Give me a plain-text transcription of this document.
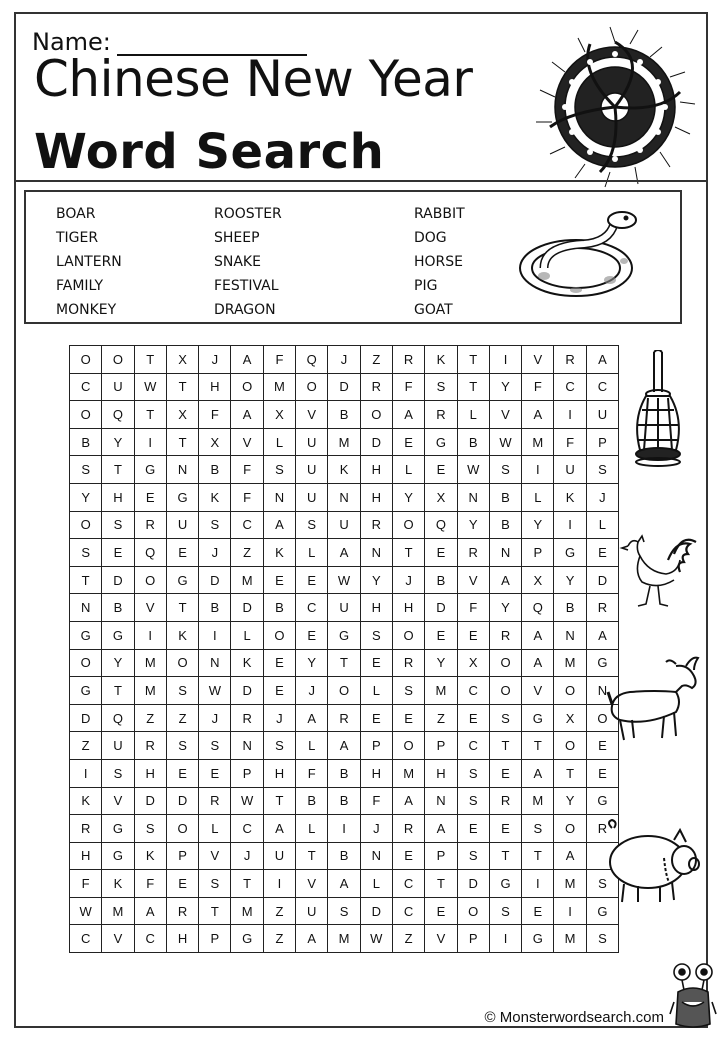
Name:
Chinese New Year
Word Search
BOAR
TIGER
LANTERN
FAMILY
MONKEY
ROOSTER
SHEEP
SNAKE
FESTIVAL
DRAGON
RABBIT
DOG
HORSE
PIG
GOAT
O	O	T	X	J	A	F	Q	J	Z	R	K	T	I	V	R	A
C	U	W	T	H	O	M	O	D	R	F	S	T	Y	F	C	C
O	Q	T	X	F	A	X	V	B	O	A	R	L	V	A	I	U
B	Y	I	T	X	V	L	U	M	D	E	G	B	W	M	F	P
S	T	G	N	B	F	S	U	K	H	L	E	W	S	I	U	S
Y	H	E	G	K	F	N	U	N	H	Y	X	N	B	L	K	J
O	S	R	U	S	C	A	S	U	R	O	Q	Y	B	Y	I	L
S	E	Q	E	J	Z	K	L	A	N	T	E	R	N	P	G	E
T	D	O	G	D	M	E	E	W	Y	J	B	V	A	X	Y	D
N	B	V	T	B	D	B	C	U	H	H	D	F	Y	Q	B	R
G	G	I	K	I	L	O	E	G	S	O	E	E	R	A	N	A
O	Y	M	O	N	K	E	Y	T	E	R	Y	X	O	A	M	G
G	T	M	S	W	D	E	J	O	L	S	M	C	O	V	O	N
D	Q	Z	Z	J	R	J	A	R	E	E	Z	E	S	G	X	O
Z	U	R	S	S	N	S	L	A	P	O	P	C	T	T	O	E
I	S	H	E	E	P	H	F	B	H	M	H	S	E	A	T	E
K	V	D	D	R	W	T	B	B	F	A	N	S	R	M	Y	G
R	G	S	O	L	C	A	L	I	J	R	A	E	E	S	O	R
H	G	K	P	V	J	U	T	B	N	E	P	S	T	T	A	
F	K	F	E	S	T	I	V	A	L	C	T	D	G	I	M	S
W	M	A	R	T	M	Z	U	S	D	C	E	O	S	E	I	G
C	V	C	H	P	G	Z	A	M	W	Z	V	P	I	G	M	S
© Monsterwordsearch.com
